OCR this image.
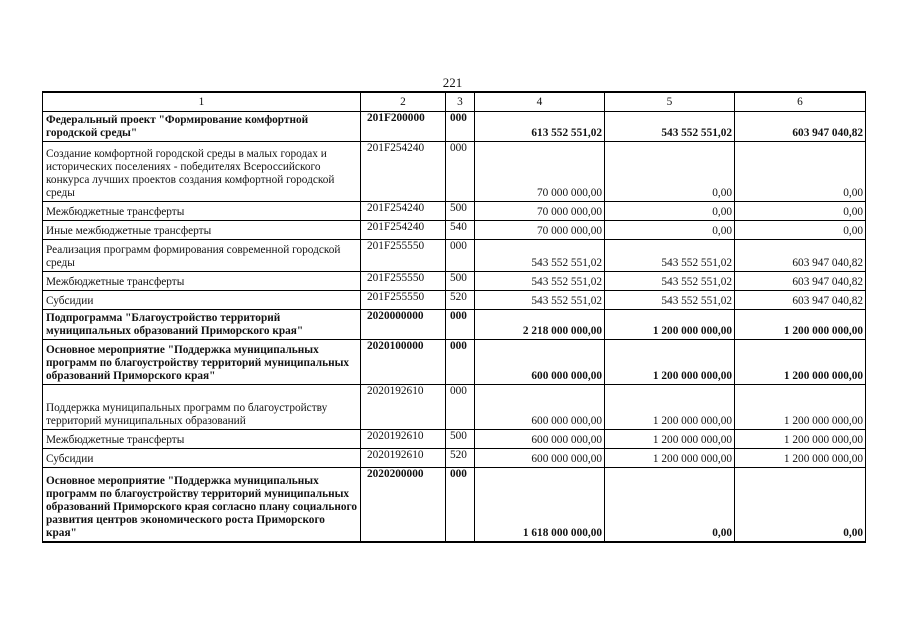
221
1	2	3	4	5	6
Федеральный проект "Формирование комфортной городской среды"	201F200000	000	613 552 551,02	543 552 551,02	603 947 040,82
Создание комфортной городской среды в малых городах и исторических поселениях - победителях Всероссийского конкурса лучших проектов создания комфортной городской среды	201F254240	000	70 000 000,00	0,00	0,00
Межбюджетные трансферты	201F254240	500	70 000 000,00	0,00	0,00
Иные межбюджетные трансферты	201F254240	540	70 000 000,00	0,00	0,00
Реализация программ формирования современной городской среды	201F255550	000	543 552 551,02	543 552 551,02	603 947 040,82
Межбюджетные трансферты	201F255550	500	543 552 551,02	543 552 551,02	603 947 040,82
Субсидии	201F255550	520	543 552 551,02	543 552 551,02	603 947 040,82
Подпрограмма "Благоустройство территорий муниципальных образований Приморского края"	2020000000	000	2 218 000 000,00	1 200 000 000,00	1 200 000 000,00
Основное мероприятие "Поддержка муниципальных программ по благоустройству территорий муниципальных образований Приморского края"	2020100000	000	600 000 000,00	1 200 000 000,00	1 200 000 000,00
Поддержка муниципальных программ по благоустройству территорий муниципальных образований	2020192610	000	600 000 000,00	1 200 000 000,00	1 200 000 000,00
Межбюджетные трансферты	2020192610	500	600 000 000,00	1 200 000 000,00	1 200 000 000,00
Субсидии	2020192610	520	600 000 000,00	1 200 000 000,00	1 200 000 000,00
Основное мероприятие "Поддержка муниципальных программ по благоустройству территорий муниципальных образований Приморского края согласно плану социального развития центров экономического роста Приморского края"	2020200000	000	1 618 000 000,00	0,00	0,00
